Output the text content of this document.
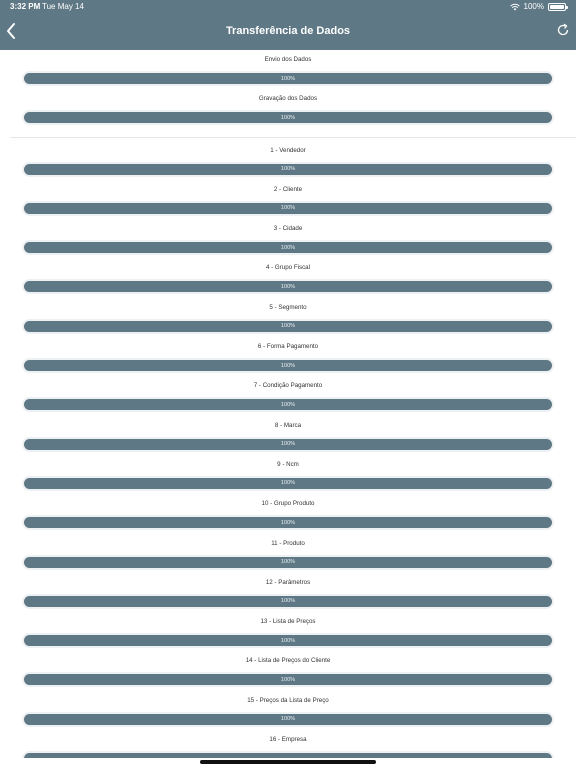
3:32 PM Tue May 14	100%
Transferência de Dados
Envio dos Dados
100%
Gravação dos Dados
100%
1 - Vendedor
100%
2 - Cliente
100%
3 - Cidade
100%
4 - Grupo Fiscal
100%
5 - Segmento
100%
6 - Forma Pagamento
100%
7 - Condição Pagamento
100%
8 - Marca
100%
9 - Ncm
100%
10 - Grupo Produto
100%
11 - Produto
100%
12 - Parâmetros
100%
13 - Lista de Preços
100%
14 - Lista de Preços do Cliente
100%
15 - Preços da Lista de Preço
100%
16 - Empresa
